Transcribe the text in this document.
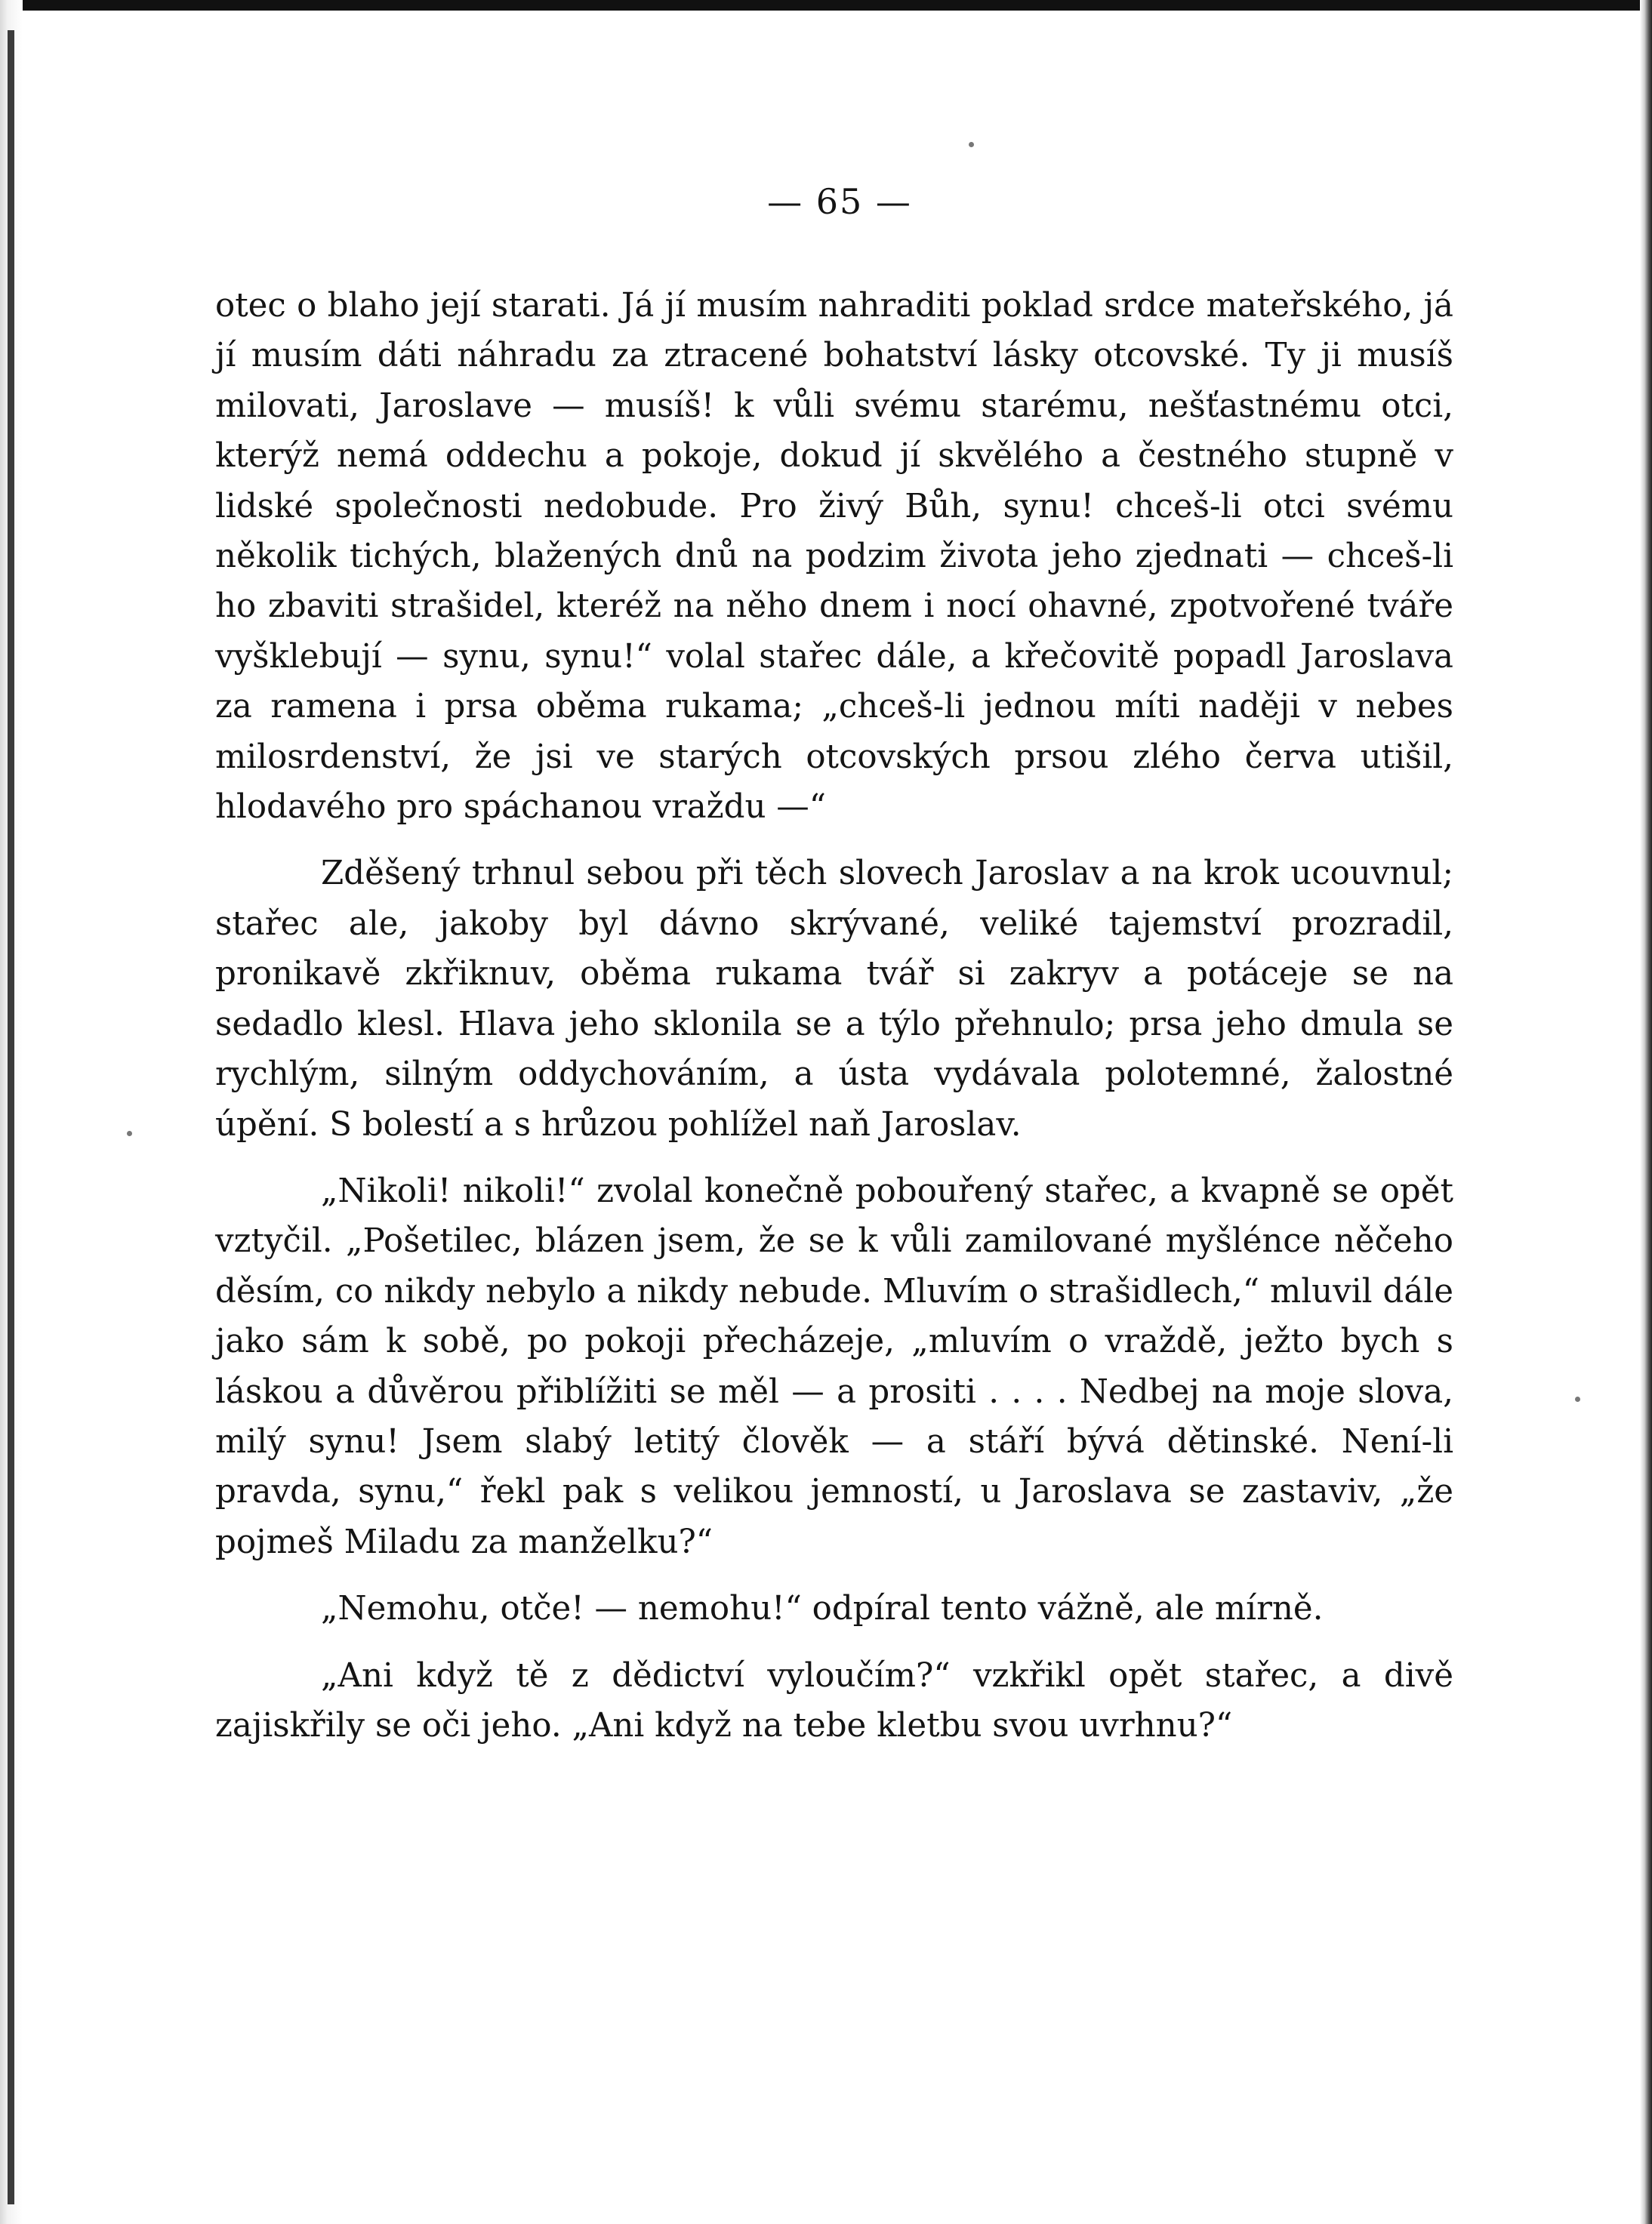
— 65 —

otec o blaho její starati. Já jí musím nahraditi poklad srdce mateřského, já jí musím dáti náhradu za ztracené bohatství lásky otcovské. Ty ji musíš milovati, Jaroslave — musíš! k vůli svému starému, nešťastnému otci, kterýž nemá oddechu a pokoje, dokud jí skvělého a čestného stupně v lidské společnosti nedobude. Pro živý Bůh, synu! chceš-li otci svému několik tichých, blažených dnů na podzim života jeho zjednati — chceš-li ho zbaviti strašidel, kteréž na něho dnem i nocí ohavné, zpotvořené tváře vyšklebují — synu, synu!“ volal stařec dále, a křečovitě popadl Jaroslava za ramena i prsa oběma rukama; „chceš-li jednou míti naději v nebes milosrdenství, že jsi ve starých otcovských prsou zlého červa utišil, hlodavého pro spáchanou vraždu —“

Zděšený trhnul sebou při těch slovech Jaroslav a na krok ucouvnul; stařec ale, jakoby byl dávno skrývané, veliké tajemství prozradil, pronikavě zkřiknuv, oběma rukama tvář si zakryv a potáceje se na sedadlo klesl. Hlava jeho sklonila se a týlo přehnulo; prsa jeho dmula se rychlým, silným oddychováním, a ústa vydávala polotemné, žalostné úpění. S bolestí a s hrůzou pohlížel naň Jaroslav.

„Nikoli! nikoli!“ zvolal konečně pobouřený stařec, a kvapně se opět vztyčil. „Pošetilec, blázen jsem, že se k vůli zamilované myšlénce něčeho děsím, co nikdy nebylo a nikdy nebude. Mluvím o strašidlech,“ mluvil dále jako sám k sobě, po pokoji přecházeje, „mluvím o vraždě, ježto bych s láskou a důvěrou přiblížiti se měl — a prositi . . . . Nedbej na moje slova, milý synu! Jsem slabý letitý člověk — a stáří bývá dětinské. Není-li pravda, synu,“ řekl pak s velikou jemností, u Jaroslava se zastaviv, „že pojmeš Miladu za manželku?“

„Nemohu, otče! — nemohu!“ odpíral tento vážně, ale mírně.

„Ani když tě z dědictví vyloučím?“ vzkřikl opět stařec, a divě zajiskřily se oči jeho. „Ani když na tebe kletbu svou uvrhnu?“
